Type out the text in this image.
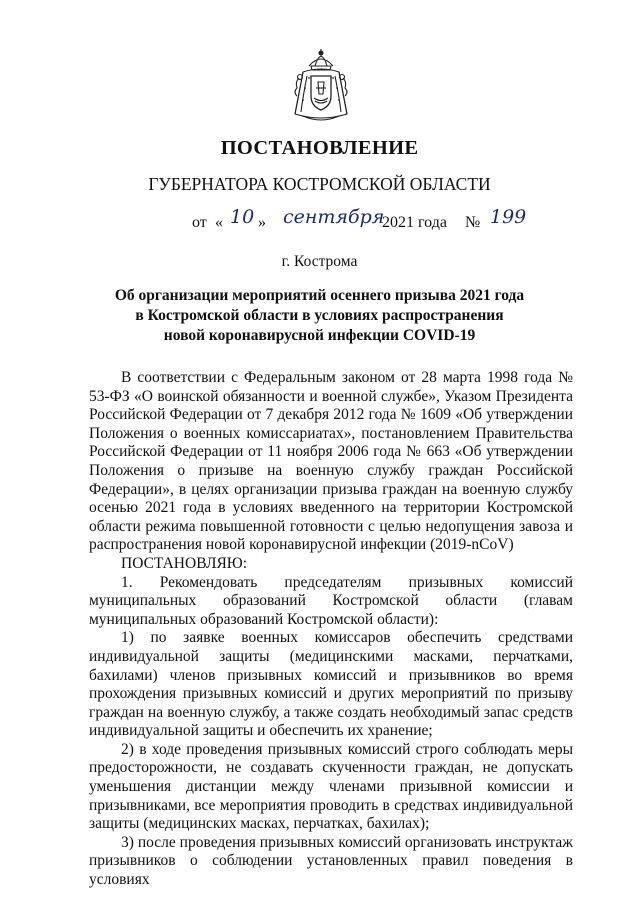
ПОСТАНОВЛЕНИЕ
ГУБЕРНАТОРА КОСТРОМСКОЙ ОБЛАСТИ
от « 10 » сентября
2021 года № 199
г. Кострома
Об организации мероприятий осеннего призыва 2021 года
в Костромской области в условиях распространения
новой коронавирусной инфекции COVID-19

В соответствии с Федеральным законом от 28 марта 1998 года № 53-ФЗ «О воинской обязанности и военной службе», Указом Президента Российской Федерации от 7 декабря 2012 года № 1609 «Об утверждении Положения о военных комиссариатах», постановлением Правительства Российской Федерации от 11 ноября 2006 года № 663 «Об утверждении Положения о призыве на военную службу граждан Российской Федерации», в целях организации призыва граждан на военную службу осенью 2021 года в условиях введенного на территории Костромской области режима повышенной готовности с целью недопущения завоза и распространения новой коронавирусной инфекции (2019-nCoV)

ПОСТАНОВЛЯЮ:

1. Рекомендовать председателям призывных комиссий муниципальных образований Костромской области (главам муниципальных образований Костромской области):

1) по заявке военных комиссаров обеспечить средствами индивидуальной защиты (медицинскими масками, перчатками, бахилами) членов призывных комиссий и призывников во время прохождения призывных комиссий и других мероприятий по призыву граждан на военную службу, а также создать необходимый запас средств индивидуальной защиты и обеспечить их хранение;

2) в ходе проведения призывных комиссий строго соблюдать меры предосторожности, не создавать скученности граждан, не допускать уменьшения дистанции между членами призывной комиссии и призывниками, все мероприятия проводить в средствах индивидуальной защиты (медицинских масках, перчатках, бахилах);

3) после проведения призывных комиссий организовать инструктаж призывников о соблюдении установленных правил поведения в условиях
